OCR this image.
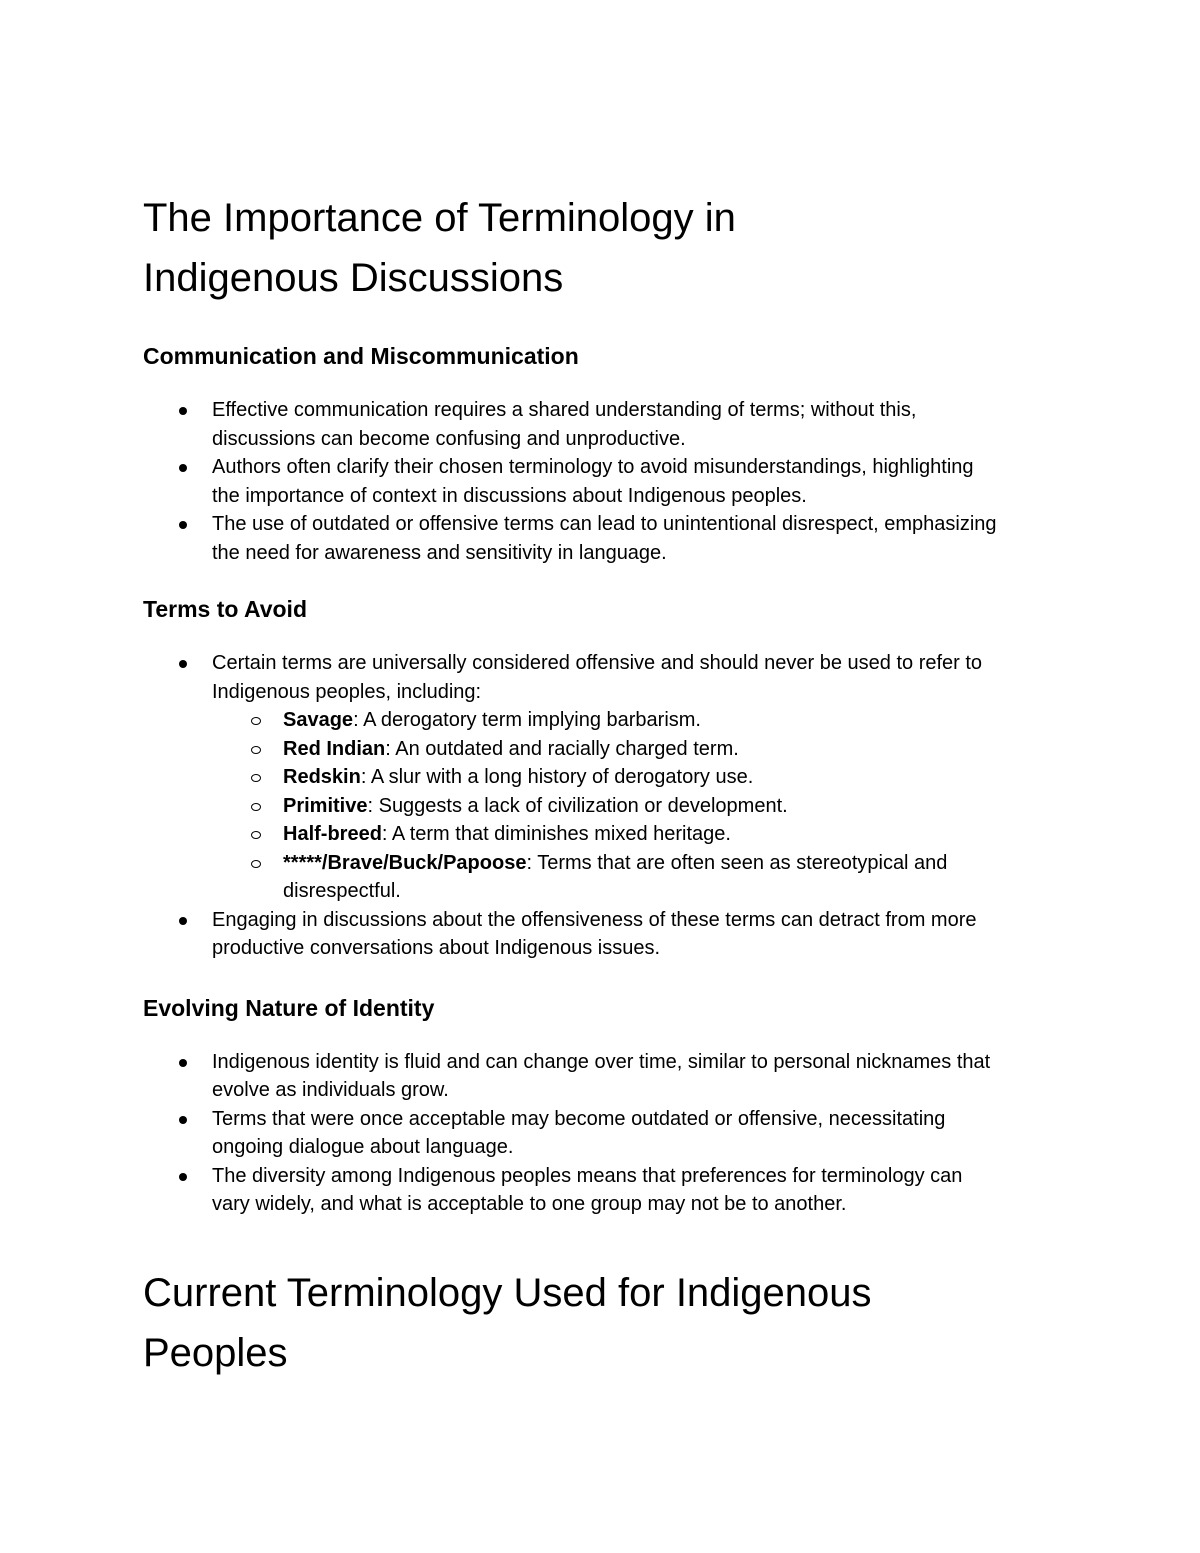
The Importance of Terminology in
Indigenous Discussions
Communication and Miscommunication
Effective communication requires a shared understanding of terms; without this,
discussions can become confusing and unproductive.
Authors often clarify their chosen terminology to avoid misunderstandings, highlighting
the importance of context in discussions about Indigenous peoples.
The use of outdated or offensive terms can lead to unintentional disrespect, emphasizing
the need for awareness and sensitivity in language.
Terms to Avoid
Certain terms are universally considered offensive and should never be used to refer to
Indigenous peoples, including:
Savage: A derogatory term implying barbarism.
Red Indian: An outdated and racially charged term.
Redskin: A slur with a long history of derogatory use.
Primitive: Suggests a lack of civilization or development.
Half-breed: A term that diminishes mixed heritage.
*****/Brave/Buck/Papoose: Terms that are often seen as stereotypical and
disrespectful.
Engaging in discussions about the offensiveness of these terms can detract from more
productive conversations about Indigenous issues.
Evolving Nature of Identity
Indigenous identity is fluid and can change over time, similar to personal nicknames that
evolve as individuals grow.
Terms that were once acceptable may become outdated or offensive, necessitating
ongoing dialogue about language.
The diversity among Indigenous peoples means that preferences for terminology can
vary widely, and what is acceptable to one group may not be to another.
Current Terminology Used for Indigenous
Peoples
